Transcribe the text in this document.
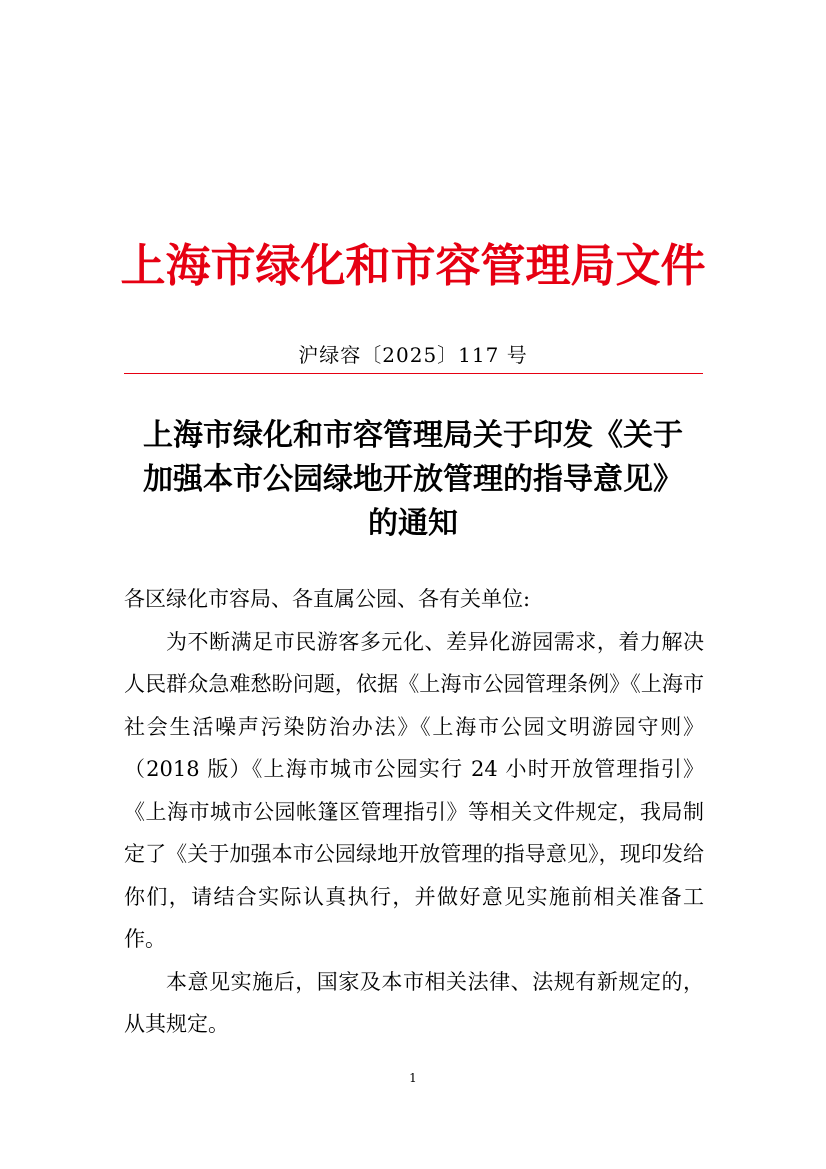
上海市绿化和市容管理局文件
沪绿容〔2025〕117 号
上海市绿化和市容管理局关于印发《关于
加强本市公园绿地开放管理的指导意见》
的通知
各区绿化市容局、各直属公园、各有关单位:
为不断满足市民游客多元化、差异化游园需求，着力解决人民群众急难愁盼问题，依据《上海市公园管理条例》《上海市社会生活噪声污染防治办法》《上海市公园文明游园守则》（2018 版）《上海市城市公园实行 24 小时开放管理指引》《上海市城市公园帐篷区管理指引》等相关文件规定，我局制定了《关于加强本市公园绿地开放管理的指导意见》，现印发给你们，请结合实际认真执行，并做好意见实施前相关准备工作。
本意见实施后，国家及本市相关法律、法规有新规定的，从其规定。
1
